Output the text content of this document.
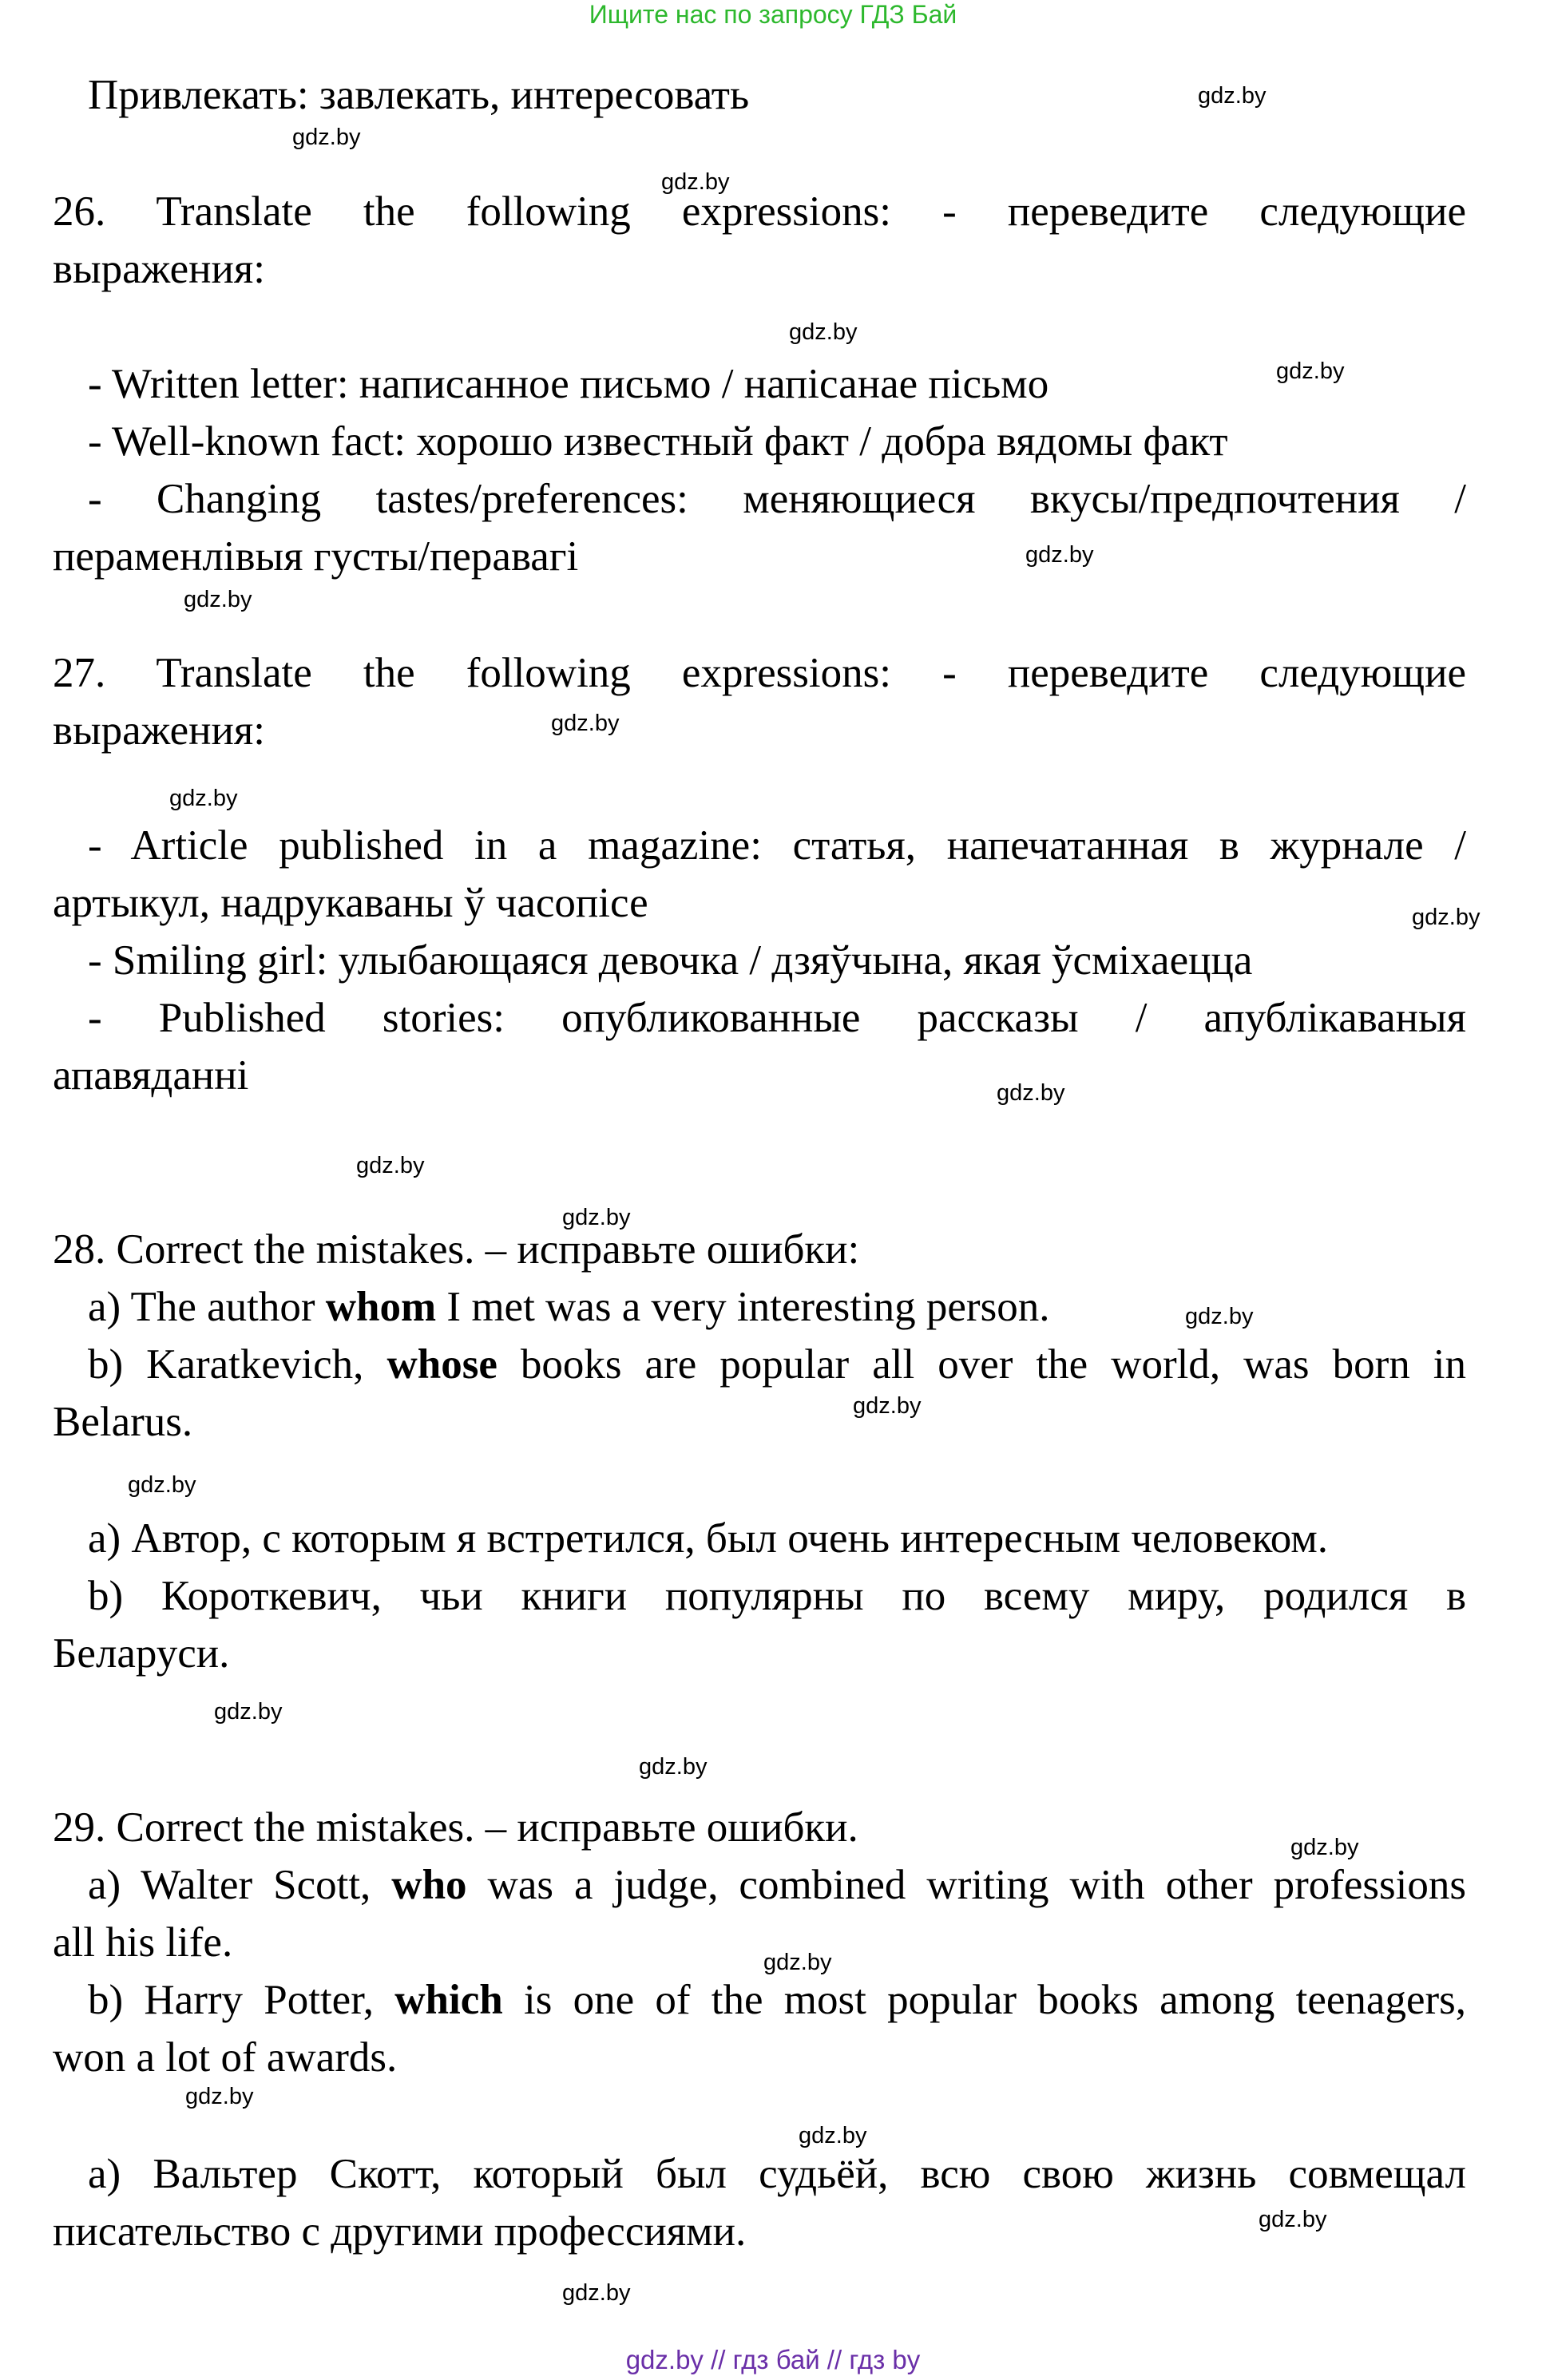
Ищите нас по запросу ГДЗ Бай
Привлекать: завлекать, интересовать
26. Translate the following expressions: - переведите следующие
выражения:
- Written letter: написанное письмо / напісанае пісьмо
- Well-known fact: хорошо известный факт / добра вядомы факт
- Changing tastes/preferences: меняющиеся вкусы/предпочтения /
пераменлівыя густы/перавагі
27. Translate the following expressions: - переведите следующие
выражения:
- Article published in a magazine: статья, напечатанная в журнале /
артыкул, надрукаваны ў часопісе
- Smiling girl: улыбающаяся девочка / дзяўчына, якая ўсміхаецца
- Published stories: опубликованные рассказы / апублікаваныя
апавяданні
28. Correct the mistakes. – исправьте ошибки:
a) The author whom I met was a very interesting person.
b) Karatkevich, whose books are popular all over the world, was born in
Belarus.
a) Автор, с которым я встретился, был очень интересным человеком.
b) Короткевич, чьи книги популярны по всему миру, родился в
Беларуси.
29. Correct the mistakes. – исправьте ошибки.
a) Walter Scott, who was a judge, combined writing with other professions
all his life.
b) Harry Potter, which is one of the most popular books among teenagers,
won a lot of awards.
a) Вальтер Скотт, который был судьёй, всю свою жизнь совмещал
писательство с другими профессиями.
gdz.by
gdz.by
gdz.by
gdz.by
gdz.by
gdz.by
gdz.by
gdz.by
gdz.by
gdz.by
gdz.by
gdz.by
gdz.by
gdz.by
gdz.by
gdz.by
gdz.by
gdz.by
gdz.by
gdz.by
gdz.by
gdz.by
gdz.by
gdz.by
gdz.by // гдз бай // гдз by
